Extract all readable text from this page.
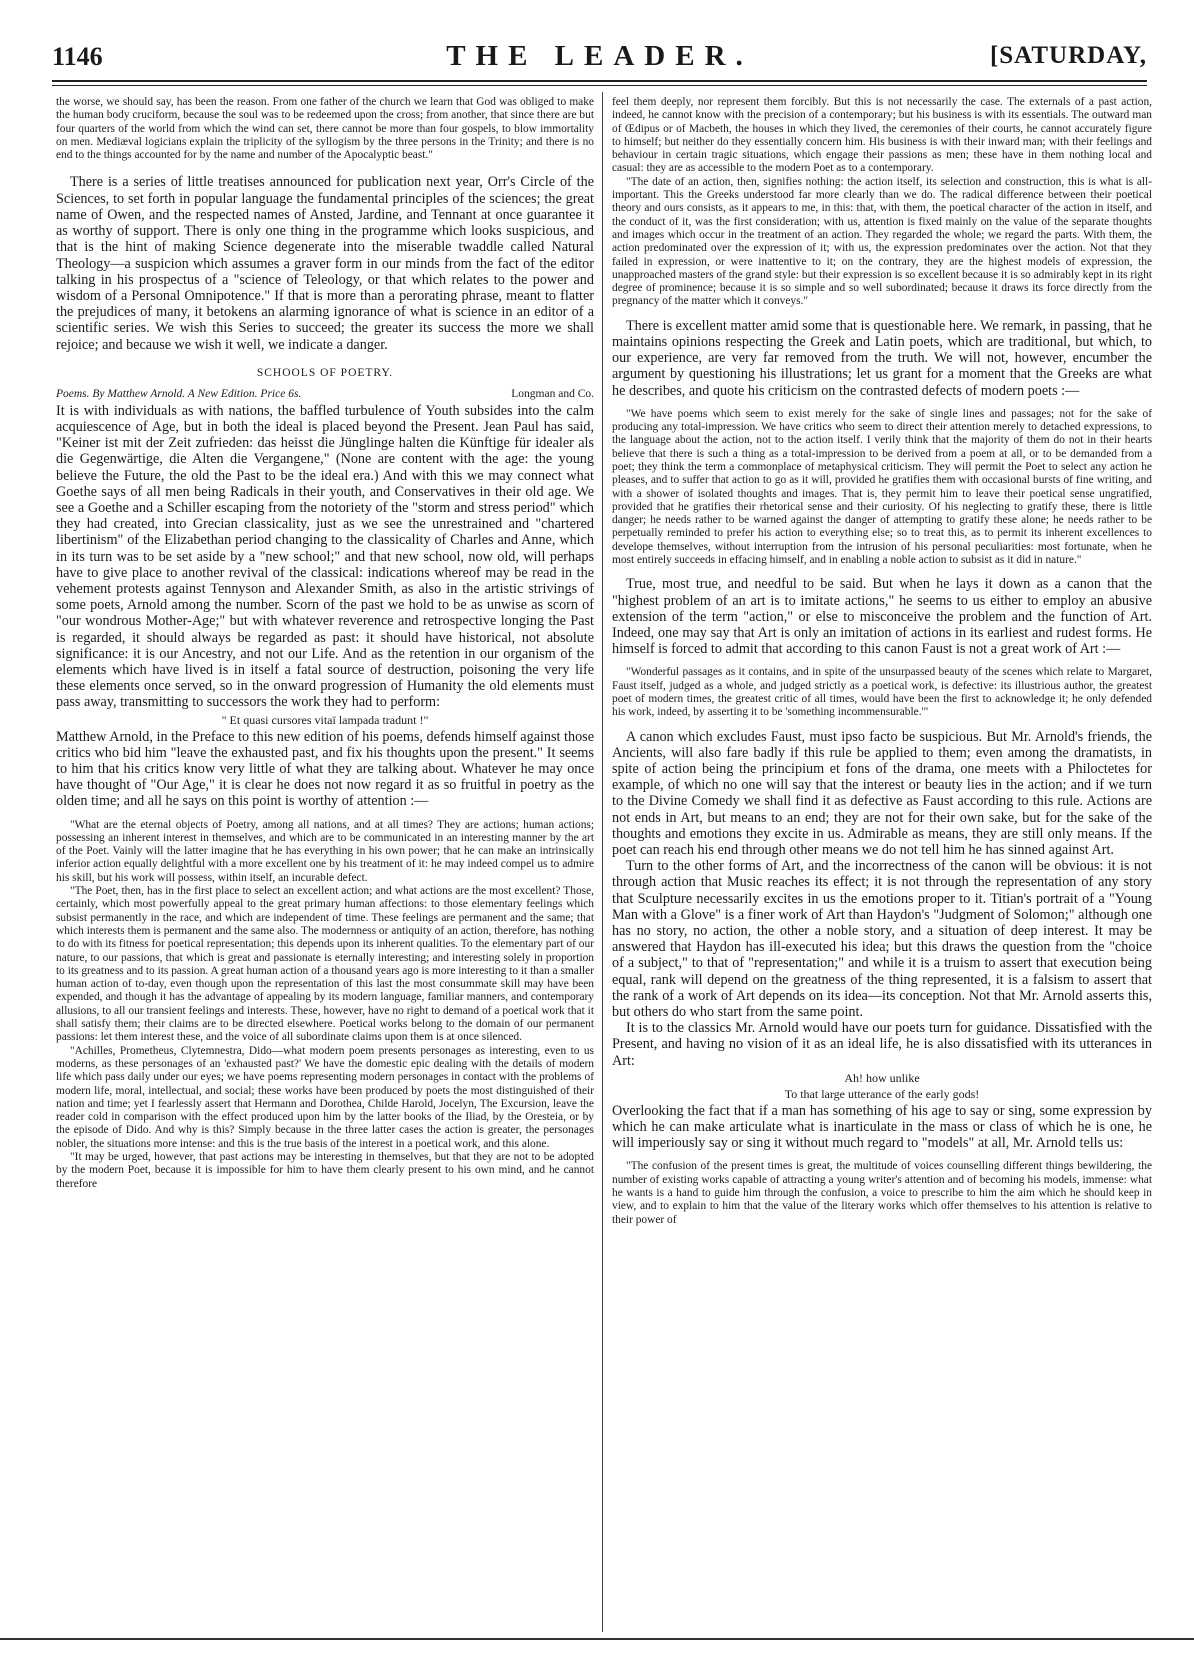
1146	THE LEADER.	[SATURDAY,

the worse, we should say, has been the reason. From one father of the church we learn that God was obliged to make the human body cruciform, because the soul was to be redeemed upon the cross; from another, that since there are but four quarters of the world from which the wind can set, there cannot be more than four gospels, to blow immortality on men. Mediæval logicians explain the triplicity of the syllogism by the three persons in the Trinity; and there is no end to the things accounted for by the name and number of the Apocalyptic beast."

There is a series of little treatises announced for publication next year, Orr's Circle of the Sciences, to set forth in popular language the fundamental principles of the sciences; the great name of Owen, and the respected names of Ansted, Jardine, and Tennant at once guarantee it as worthy of support. There is only one thing in the programme which looks suspicious, and that is the hint of making Science degenerate into the miserable twaddle called Natural Theology—a suspicion which assumes a graver form in our minds from the fact of the editor talking in his prospectus of a "science of Teleology, or that which relates to the power and wisdom of a Personal Omnipotence." If that is more than a perorating phrase, meant to flatter the prejudices of many, it betokens an alarming ignorance of what is science in an editor of a scientific series. We wish this Series to succeed; the greater its success the more we shall rejoice; and because we wish it well, we indicate a danger.

SCHOOLS OF POETRY.
Longman and Co.
Poems. By Matthew Arnold. A New Edition. Price 6s.

It is with individuals as with nations, the baffled turbulence of Youth subsides into the calm acquiescence of Age, but in both the ideal is placed beyond the Present. Jean Paul has said, "Keiner ist mit der Zeit zufrieden: das heisst die Jünglinge halten die Künftige für idealer als die Gegenwärtige, die Alten die Vergangene," (None are content with the age: the young believe the Future, the old the Past to be the ideal era.) And with this we may connect what Goethe says of all men being Radicals in their youth, and Conservatives in their old age. We see a Goethe and a Schiller escaping from the notoriety of the "storm and stress period" which they had created, into Grecian classicality, just as we see the unrestrained and "chartered libertinism" of the Elizabethan period changing to the classicality of Charles and Anne, which in its turn was to be set aside by a "new school;" and that new school, now old, will perhaps have to give place to another revival of the classical: indications whereof may be read in the vehement protests against Tennyson and Alexander Smith, as also in the artistic strivings of some poets, Arnold among the number. Scorn of the past we hold to be as unwise as scorn of "our wondrous Mother-Age;" but with whatever reverence and retrospective longing the Past is regarded, it should always be regarded as past: it should have historical, not absolute significance: it is our Ancestry, and not our Life. And as the retention in our organism of the elements which have lived is in itself a fatal source of destruction, poisoning the very life these elements once served, so in the onward progression of Humanity the old elements must pass away, transmitting to successors the work they had to perform:

" Et quasi cursores vitaï lampada tradunt !"

Matthew Arnold, in the Preface to this new edition of his poems, defends himself against those critics who bid him "leave the exhausted past, and fix his thoughts upon the present." It seems to him that his critics know very little of what they are talking about. Whatever he may once have thought of "Our Age," it is clear he does not now regard it as so fruitful in poetry as the olden time; and all he says on this point is worthy of attention :—

"What are the eternal objects of Poetry, among all nations, and at all times? They are actions; human actions; possessing an inherent interest in themselves, and which are to be communicated in an interesting manner by the art of the Poet. Vainly will the latter imagine that he has everything in his own power; that he can make an intrinsically inferior action equally delightful with a more excellent one by his treatment of it: he may indeed compel us to admire his skill, but his work will possess, within itself, an incurable defect.

"The Poet, then, has in the first place to select an excellent action; and what actions are the most excellent? Those, certainly, which most powerfully appeal to the great primary human affections: to those elementary feelings which subsist permanently in the race, and which are independent of time. These feelings are permanent and the same; that which interests them is permanent and the same also. The modernness or antiquity of an action, therefore, has nothing to do with its fitness for poetical representation; this depends upon its inherent qualities. To the elementary part of our nature, to our passions, that which is great and passionate is eternally interesting; and interesting solely in proportion to its greatness and to its passion. A great human action of a thousand years ago is more interesting to it than a smaller human action of to-day, even though upon the representation of this last the most consummate skill may have been expended, and though it has the advantage of appealing by its modern language, familiar manners, and contemporary allusions, to all our transient feelings and interests. These, however, have no right to demand of a poetical work that it shall satisfy them; their claims are to be directed elsewhere. Poetical works belong to the domain of our permanent passions: let them interest these, and the voice of all subordinate claims upon them is at once silenced.

"Achilles, Prometheus, Clytemnestra, Dido—what modern poem presents personages as interesting, even to us moderns, as these personages of an 'exhausted past?' We have the domestic epic dealing with the details of modern life which pass daily under our eyes; we have poems representing modern personages in contact with the problems of modern life, moral, intellectual, and social; these works have been produced by poets the most distinguished of their nation and time; yet I fearlessly assert that Hermann and Dorothea, Childe Harold, Jocelyn, The Excursion, leave the reader cold in comparison with the effect produced upon him by the latter books of the Iliad, by the Oresteia, or by the episode of Dido. And why is this? Simply because in the three latter cases the action is greater, the personages nobler, the situations more intense: and this is the true basis of the interest in a poetical work, and this alone.

"It may be urged, however, that past actions may be interesting in themselves, but that they are not to be adopted by the modern Poet, because it is impossible for him to have them clearly present to his own mind, and he cannot therefore

feel them deeply, nor represent them forcibly. But this is not necessarily the case. The externals of a past action, indeed, he cannot know with the precision of a contemporary; but his business is with its essentials. The outward man of Œdipus or of Macbeth, the houses in which they lived, the ceremonies of their courts, he cannot accurately figure to himself; but neither do they essentially concern him. His business is with their inward man; with their feelings and behaviour in certain tragic situations, which engage their passions as men; these have in them nothing local and casual: they are as accessible to the modern Poet as to a contemporary.

"The date of an action, then, signifies nothing: the action itself, its selection and construction, this is what is all-important. This the Greeks understood far more clearly than we do. The radical difference between their poetical theory and ours consists, as it appears to me, in this: that, with them, the poetical character of the action in itself, and the conduct of it, was the first consideration; with us, attention is fixed mainly on the value of the separate thoughts and images which occur in the treatment of an action. They regarded the whole; we regard the parts. With them, the action predominated over the expression of it; with us, the expression predominates over the action. Not that they failed in expression, or were inattentive to it; on the contrary, they are the highest models of expression, the unapproached masters of the grand style: but their expression is so excellent because it is so admirably kept in its right degree of prominence; because it is so simple and so well subordinated; because it draws its force directly from the pregnancy of the matter which it conveys."

There is excellent matter amid some that is questionable here. We remark, in passing, that he maintains opinions respecting the Greek and Latin poets, which are traditional, but which, to our experience, are very far removed from the truth. We will not, however, encumber the argument by questioning his illustrations; let us grant for a moment that the Greeks are what he describes, and quote his criticism on the contrasted defects of modern poets :—

"We have poems which seem to exist merely for the sake of single lines and passages; not for the sake of producing any total-impression. We have critics who seem to direct their attention merely to detached expressions, to the language about the action, not to the action itself. I verily think that the majority of them do not in their hearts believe that there is such a thing as a total-impression to be derived from a poem at all, or to be demanded from a poet; they think the term a commonplace of metaphysical criticism. They will permit the Poet to select any action he pleases, and to suffer that action to go as it will, provided he gratifies them with occasional bursts of fine writing, and with a shower of isolated thoughts and images. That is, they permit him to leave their poetical sense ungratified, provided that he gratifies their rhetorical sense and their curiosity. Of his neglecting to gratify these, there is little danger; he needs rather to be warned against the danger of attempting to gratify these alone; he needs rather to be perpetually reminded to prefer his action to everything else; so to treat this, as to permit its inherent excellences to develope themselves, without interruption from the intrusion of his personal peculiarities: most fortunate, when he most entirely succeeds in effacing himself, and in enabling a noble action to subsist as it did in nature."

True, most true, and needful to be said. But when he lays it down as a canon that the "highest problem of an art is to imitate actions," he seems to us either to employ an abusive extension of the term "action," or else to misconceive the problem and the function of Art. Indeed, one may say that Art is only an imitation of actions in its earliest and rudest forms. He himself is forced to admit that according to this canon Faust is not a great work of Art :—

"Wonderful passages as it contains, and in spite of the unsurpassed beauty of the scenes which relate to Margaret, Faust itself, judged as a whole, and judged strictly as a poetical work, is defective: its illustrious author, the greatest poet of modern times, the greatest critic of all times, would have been the first to acknowledge it; he only defended his work, indeed, by asserting it to be 'something incommensurable.'"

A canon which excludes Faust, must ipso facto be suspicious. But Mr. Arnold's friends, the Ancients, will also fare badly if this rule be applied to them; even among the dramatists, in spite of action being the principium et fons of the drama, one meets with a Philoctetes for example, of which no one will say that the interest or beauty lies in the action; and if we turn to the Divine Comedy we shall find it as defective as Faust according to this rule. Actions are not ends in Art, but means to an end; they are not for their own sake, but for the sake of the thoughts and emotions they excite in us. Admirable as means, they are still only means. If the poet can reach his end through other means we do not tell him he has sinned against Art.

Turn to the other forms of Art, and the incorrectness of the canon will be obvious: it is not through action that Music reaches its effect; it is not through the representation of any story that Sculpture necessarily excites in us the emotions proper to it. Titian's portrait of a "Young Man with a Glove" is a finer work of Art than Haydon's "Judgment of Solomon;" although one has no story, no action, the other a noble story, and a situation of deep interest. It may be answered that Haydon has ill-executed his idea; but this draws the question from the "choice of a subject," to that of "representation;" and while it is a truism to assert that execution being equal, rank will depend on the greatness of the thing represented, it is a falsism to assert that the rank of a work of Art depends on its idea—its conception. Not that Mr. Arnold asserts this, but others do who start from the same point.

It is to the classics Mr. Arnold would have our poets turn for guidance. Dissatisfied with the Present, and having no vision of it as an ideal life, he is also dissatisfied with its utterances in Art:

Ah! how unlike
To that large utterance of the early gods!

Overlooking the fact that if a man has something of his age to say or sing, some expression by which he can make articulate what is inarticulate in the mass or class of which he is one, he will imperiously say or sing it without much regard to "models" at all, Mr. Arnold tells us:

"The confusion of the present times is great, the multitude of voices counselling different things bewildering, the number of existing works capable of attracting a young writer's attention and of becoming his models, immense: what he wants is a hand to guide him through the confusion, a voice to prescribe to him the aim which he should keep in view, and to explain to him that the value of the literary works which offer themselves to his attention is relative to their power of
